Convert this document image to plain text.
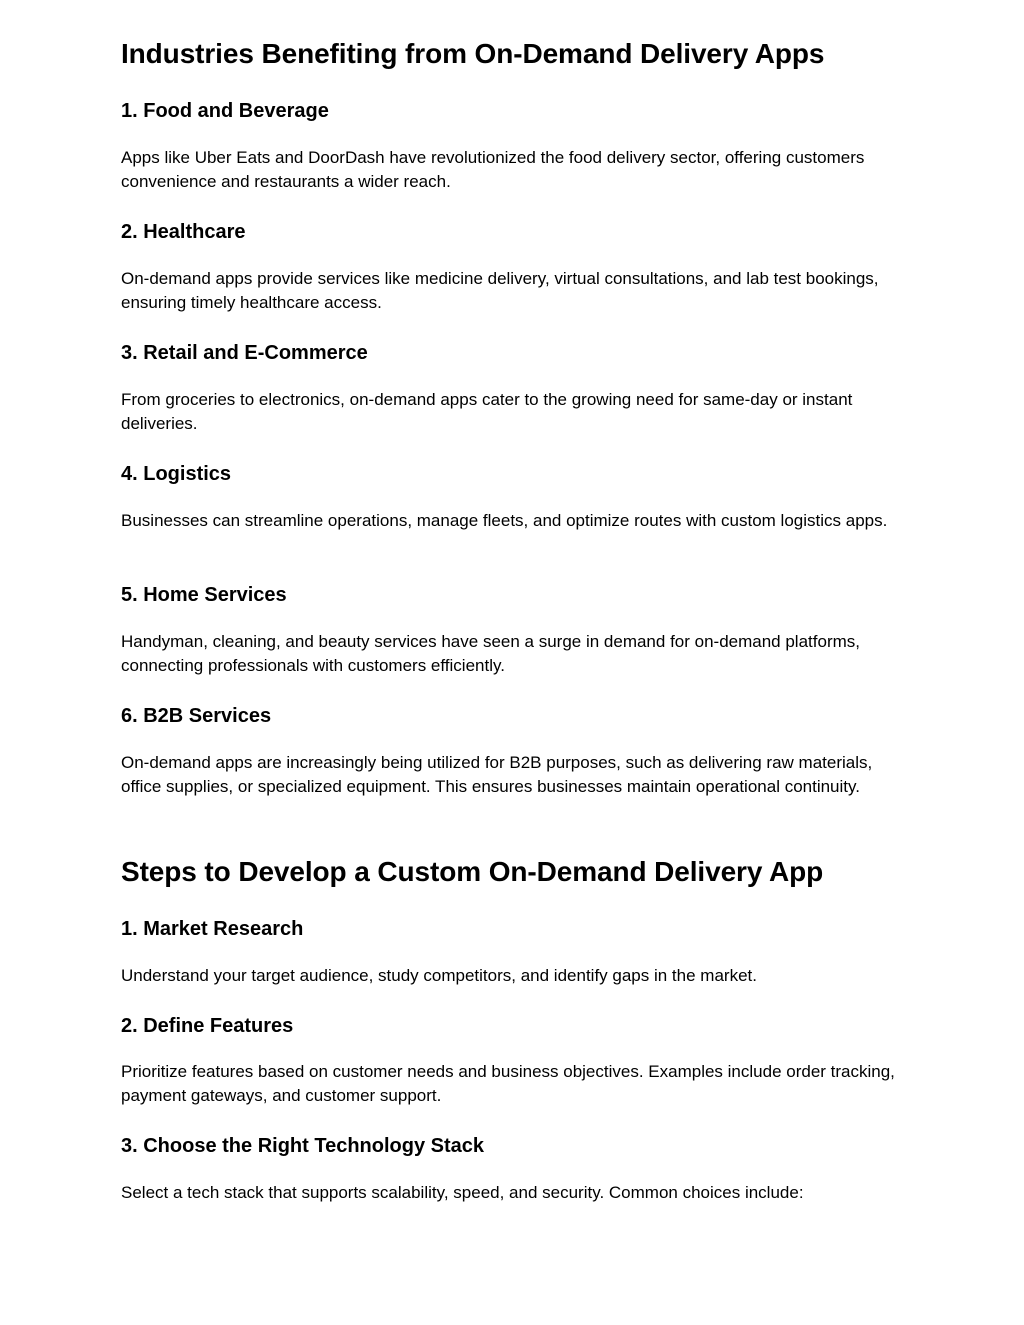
Industries Benefiting from On-Demand Delivery Apps
1. Food and Beverage

Apps like Uber Eats and DoorDash have revolutionized the food delivery sector, offering customers convenience and restaurants a wider reach.

2. Healthcare

On-demand apps provide services like medicine delivery, virtual consultations, and lab test bookings, ensuring timely healthcare access.

3. Retail and E-Commerce

From groceries to electronics, on-demand apps cater to the growing need for same-day or instant deliveries.

4. Logistics

Businesses can streamline operations, manage fleets, and optimize routes with custom logistics apps.

5. Home Services

Handyman, cleaning, and beauty services have seen a surge in demand for on-demand platforms, connecting professionals with customers efficiently.

6. B2B Services

On-demand apps are increasingly being utilized for B2B purposes, such as delivering raw materials, office supplies, or specialized equipment. This ensures businesses maintain operational continuity.

Steps to Develop a Custom On-Demand Delivery App
1. Market Research

Understand your target audience, study competitors, and identify gaps in the market.

2. Define Features

Prioritize features based on customer needs and business objectives. Examples include order tracking, payment gateways, and customer support.

3. Choose the Right Technology Stack

Select a tech stack that supports scalability, speed, and security. Common choices include:
